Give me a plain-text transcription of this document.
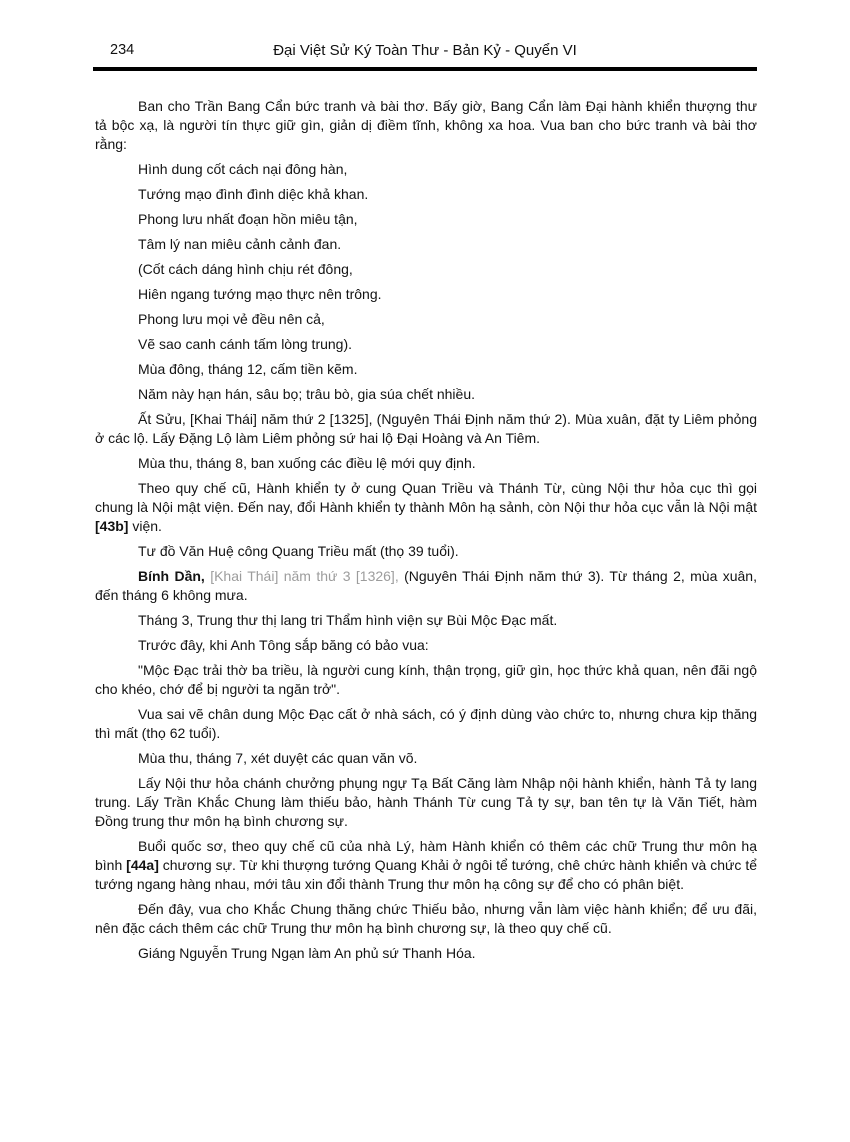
234	Đại Việt Sử Ký Toàn Thư - Bản Kỷ - Quyển VI

Ban cho Trần Bang Cẩn bức tranh và bài thơ. Bấy giờ, Bang Cẩn làm Đại hành khiển thượng thư tả bộc xạ, là người tín thực giữ gìn, giản dị điềm tĩnh, không xa hoa. Vua ban cho bức tranh và bài thơ rằng:

Hình dung cốt cách nại đông hàn,

Tướng mạo đình đình diệc khả khan.

Phong lưu nhất đoạn hồn miêu tận,

Tâm lý nan miêu cảnh cảnh đan.

(Cốt cách dáng hình chịu rét đông,

Hiên ngang tướng mạo thực nên trông.

Phong lưu mọi vẻ đều nên cả,

Vẽ sao canh cánh tấm lòng trung).

Mùa đông, tháng 12, cấm tiền kẽm.

Năm này hạn hán, sâu bọ; trâu bò, gia súa chết nhiều.

Ất Sửu, [Khai Thái] năm thứ 2 [1325], (Nguyên Thái Định năm thứ 2). Mùa xuân, đặt ty Liêm phỏng ở các lộ. Lấy Đặng Lộ làm Liêm phỏng sứ hai lộ Đại Hoàng và An Tiêm.

Mùa thu, tháng 8, ban xuống các điều lệ mới quy định.

Theo quy chế cũ, Hành khiển ty ở cung Quan Triều và Thánh Từ, cùng Nội thư hỏa cục thì gọi chung là Nội mật viện. Đến nay, đổi Hành khiển ty thành Môn hạ sảnh, còn Nội thư hỏa cục vẫn là Nội mật [43b] viện.

Tư đồ Văn Huệ công Quang Triều mất (thọ 39 tuổi).

Bính Dần, [Khai Thái] năm thứ 3 [1326], (Nguyên Thái Định năm thứ 3). Từ tháng 2, mùa xuân, đến tháng 6 không mưa.

Tháng 3, Trung thư thị lang tri Thẩm hình viện sự Bùi Mộc Đạc mất.

Trước đây, khi Anh Tông sắp băng có bảo vua:

"Mộc Đạc trải thờ ba triều, là người cung kính, thận trọng, giữ gìn, học thức khả quan, nên đãi ngộ cho khéo, chớ để bị người ta ngăn trở".

Vua sai vẽ chân dung Mộc Đạc cất ở nhà sách, có ý định dùng vào chức to, nhưng chưa kịp thăng thì mất (thọ 62 tuổi).

Mùa thu, tháng 7, xét duyệt các quan văn võ.

Lấy Nội thư hỏa chánh chưởng phụng ngự Tạ Bất Căng làm Nhập nội hành khiển, hành Tả ty lang trung. Lấy Trần Khắc Chung làm thiếu bảo, hành Thánh Từ cung Tả ty sự, ban tên tự là Văn Tiết, hàm Đồng trung thư môn hạ bình chương sự.

Buổi quốc sơ, theo quy chế cũ của nhà Lý, hàm Hành khiển có thêm các chữ Trung thư môn hạ bình [44a] chương sự. Từ khi thượng tướng Quang Khải ở ngôi tể tướng, chê chức hành khiển và chức tể tướng ngang hàng nhau, mới tâu xin đổi thành Trung thư môn hạ công sự để cho có phân biệt.

Đến đây, vua cho Khắc Chung thăng chức Thiếu bảo, nhưng vẫn làm việc hành khiển; để ưu đãi, nên đặc cách thêm các chữ Trung thư môn hạ bình chương sự, là theo quy chế cũ.

Giáng Nguyễn Trung Ngạn làm An phủ sứ Thanh Hóa.
